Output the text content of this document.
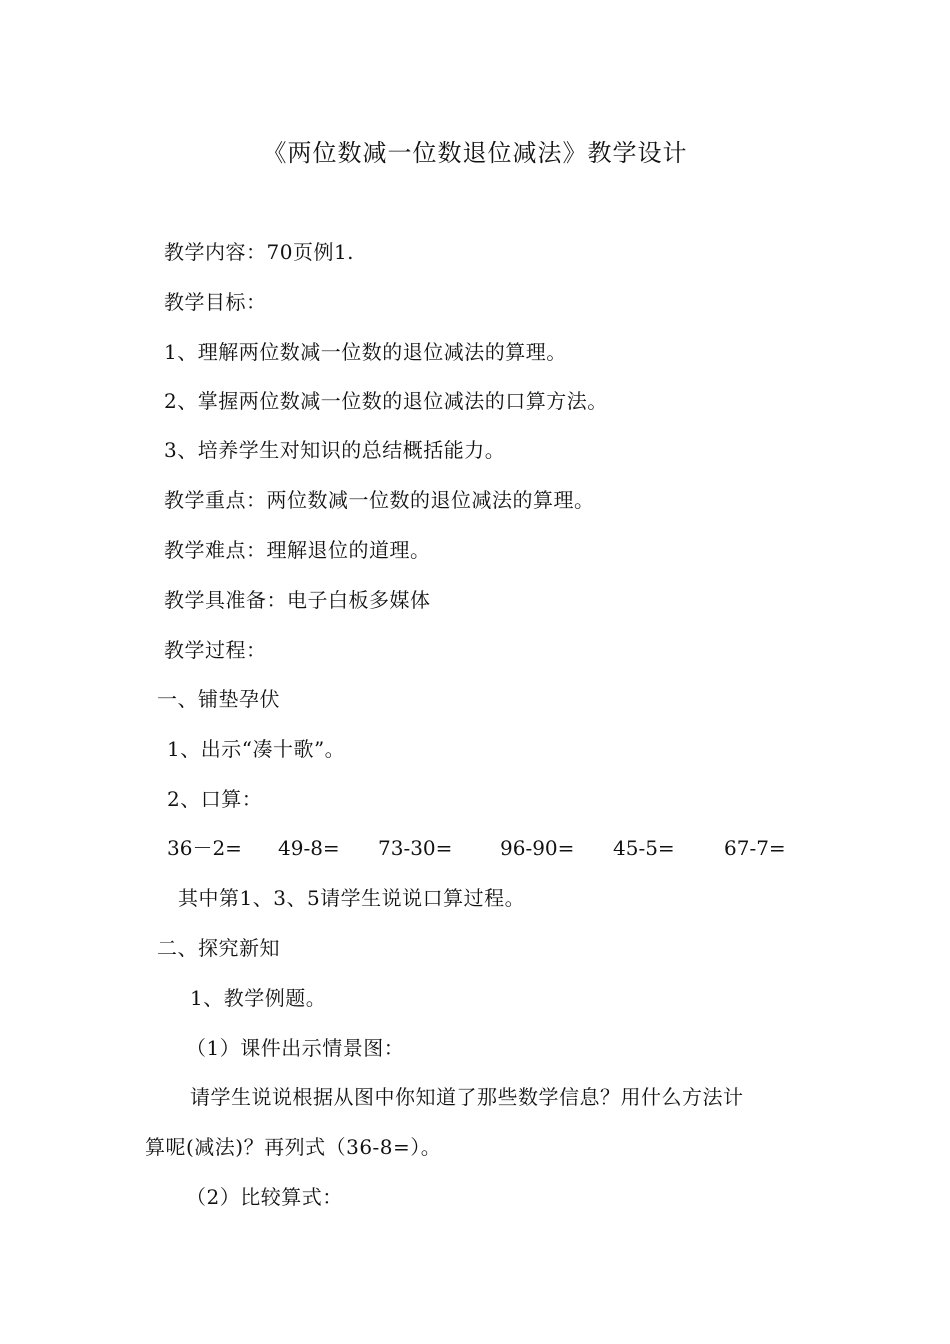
《两位数减一位数退位减法》教学设计
教学内容：70页例1.
教学目标：
1、理解两位数减一位数的退位减法的算理。
2、掌握两位数减一位数的退位减法的口算方法。
3、培养学生对知识的总结概括能力。
教学重点：两位数减一位数的退位减法的算理。
教学难点：理解退位的道理。
教学具准备：电子白板多媒体
教学过程：
一、铺垫孕伏
1、出示“凑十歌”。
2、口算：
36－2= 49-8= 73-30= 96-90= 45-5= 67-7=
其中第1、3、5请学生说说口算过程。
二、探究新知
1、教学例题。
（1）课件出示情景图：
请学生说说根据从图中你知道了那些数学信息？用什么方法计
算呢(减法)？再列式（36-8=）。
（2）比较算式：
